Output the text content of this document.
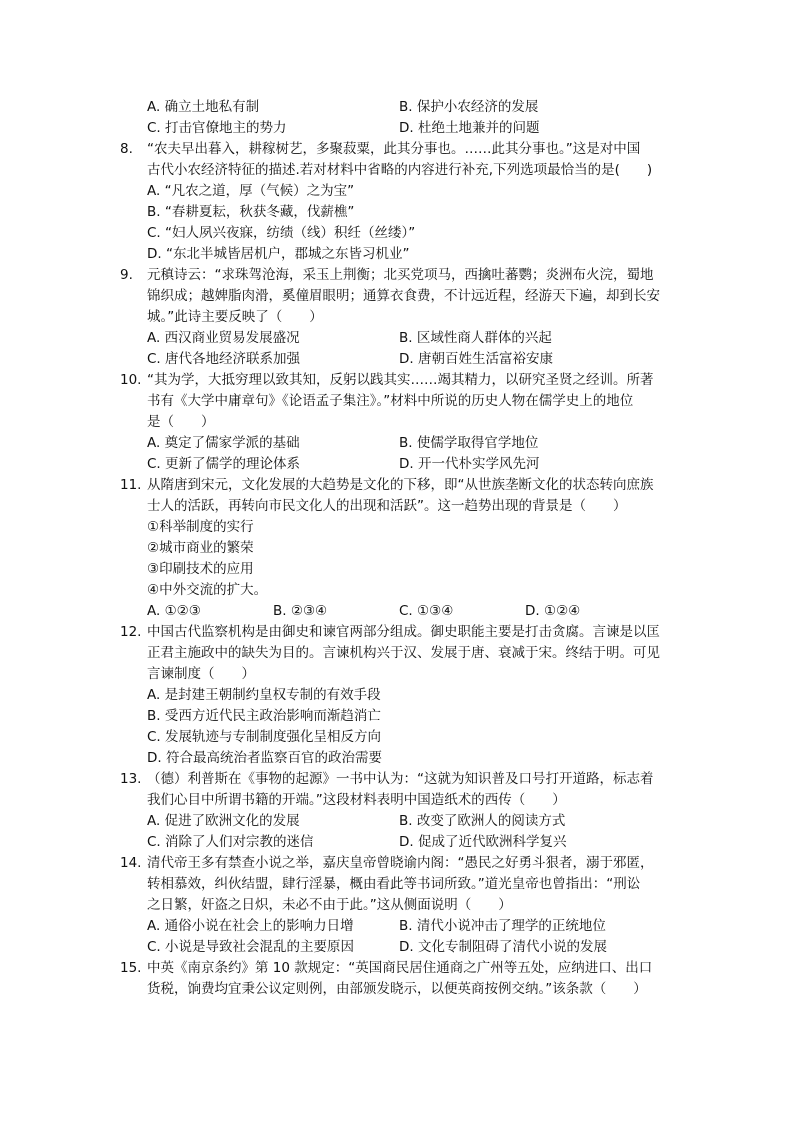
A. 确立土地私有制	B. 保护小农经济的发展
C. 打击官僚地主的势力	D. 杜绝土地兼并的问题
8. “农夫早出暮入，耕稼树艺，多聚菽粟，此其分事也。……此其分事也。”这是对中国
古代小农经济特征的描述.若对材料中省略的内容进行补充,下列选项最恰当的是(　　)
A. “凡农之道，厚（气候）之为宝”
B. “春耕夏耘，秋获冬藏，伐薪樵”
C. “妇人夙兴夜寐，纺绩（线）积纴（丝缕）”
D. “东北半城皆居机户，郡城之东皆习机业”
9. 元稹诗云：“求珠驾沧海，采玉上荆衡；北买党项马，西擒吐蕃鹦；炎洲布火浣，蜀地
锦织成；越婢脂肉滑，奚僮眉眼明；通算衣食费，不计远近程，经游天下遍，却到长安
城。”此诗主要反映了（　　）
A. 西汉商业贸易发展盛况	B. 区域性商人群体的兴起
C. 唐代各地经济联系加强	D. 唐朝百姓生活富裕安康
10. “其为学，大抵穷理以致其知，反躬以践其实……竭其精力，以研究圣贤之经训。所著
书有《大学中庸章句》《论语孟子集注》。”材料中所说的历史人物在儒学史上的地位
是（　　）
A. 奠定了儒家学派的基础	B. 使儒学取得官学地位
C. 更新了儒学的理论体系	D. 开一代朴实学风先河
11. 从隋唐到宋元，文化发展的大趋势是文化的下移，即“从世族垄断文化的状态转向庶族
士人的活跃，再转向市民文化人的出现和活跃”。这一趋势出现的背景是（　　）
①科举制度的实行
②城市商业的繁荣
③印刷技术的应用
④中外交流的扩大。
A. ①②③	B. ②③④	C. ①③④	D. ①②④
12. 中国古代监察机构是由御史和谏官两部分组成。御史职能主要是打击贪腐。言谏是以匡
正君主施政中的缺失为目的。言谏机构兴于汉、发展于唐、衰减于宋。终结于明。可见
言谏制度（　　）
A. 是封建王朝制约皇权专制的有效手段
B. 受西方近代民主政治影响而渐趋消亡
C. 发展轨迹与专制制度强化呈相反方向
D. 符合最高统治者监察百官的政治需要
13. （德）利普斯在《事物的起源》一书中认为：“这就为知识普及口号打开道路，标志着
我们心目中所谓书籍的开端。”这段材料表明中国造纸术的西传（　　）
A. 促进了欧洲文化的发展	B. 改变了欧洲人的阅读方式
C. 消除了人们对宗教的迷信	D. 促成了近代欧洲科学复兴
14. 清代帝王多有禁查小说之举，嘉庆皇帝曾晓谕内阁：“愚民之好勇斗狠者，溺于邪匿，
转相慕效，纠伙结盟，肆行淫暴，概由看此等书词所致。”道光皇帝也曾指出：“刑讼
之日繁，奸盗之日炽，未必不由于此。”这从侧面说明（　　）
A. 通俗小说在社会上的影响力日增	B. 清代小说冲击了理学的正统地位
C. 小说是导致社会混乱的主要原因	D. 文化专制阻碍了清代小说的发展
15. 中英《南京条约》第 10 款规定：“英国商民居住通商之广州等五处，应纳进口、出口
货税，饷费均宜秉公议定则例，由部颁发晓示，以便英商按例交纳。”该条款（　　）
